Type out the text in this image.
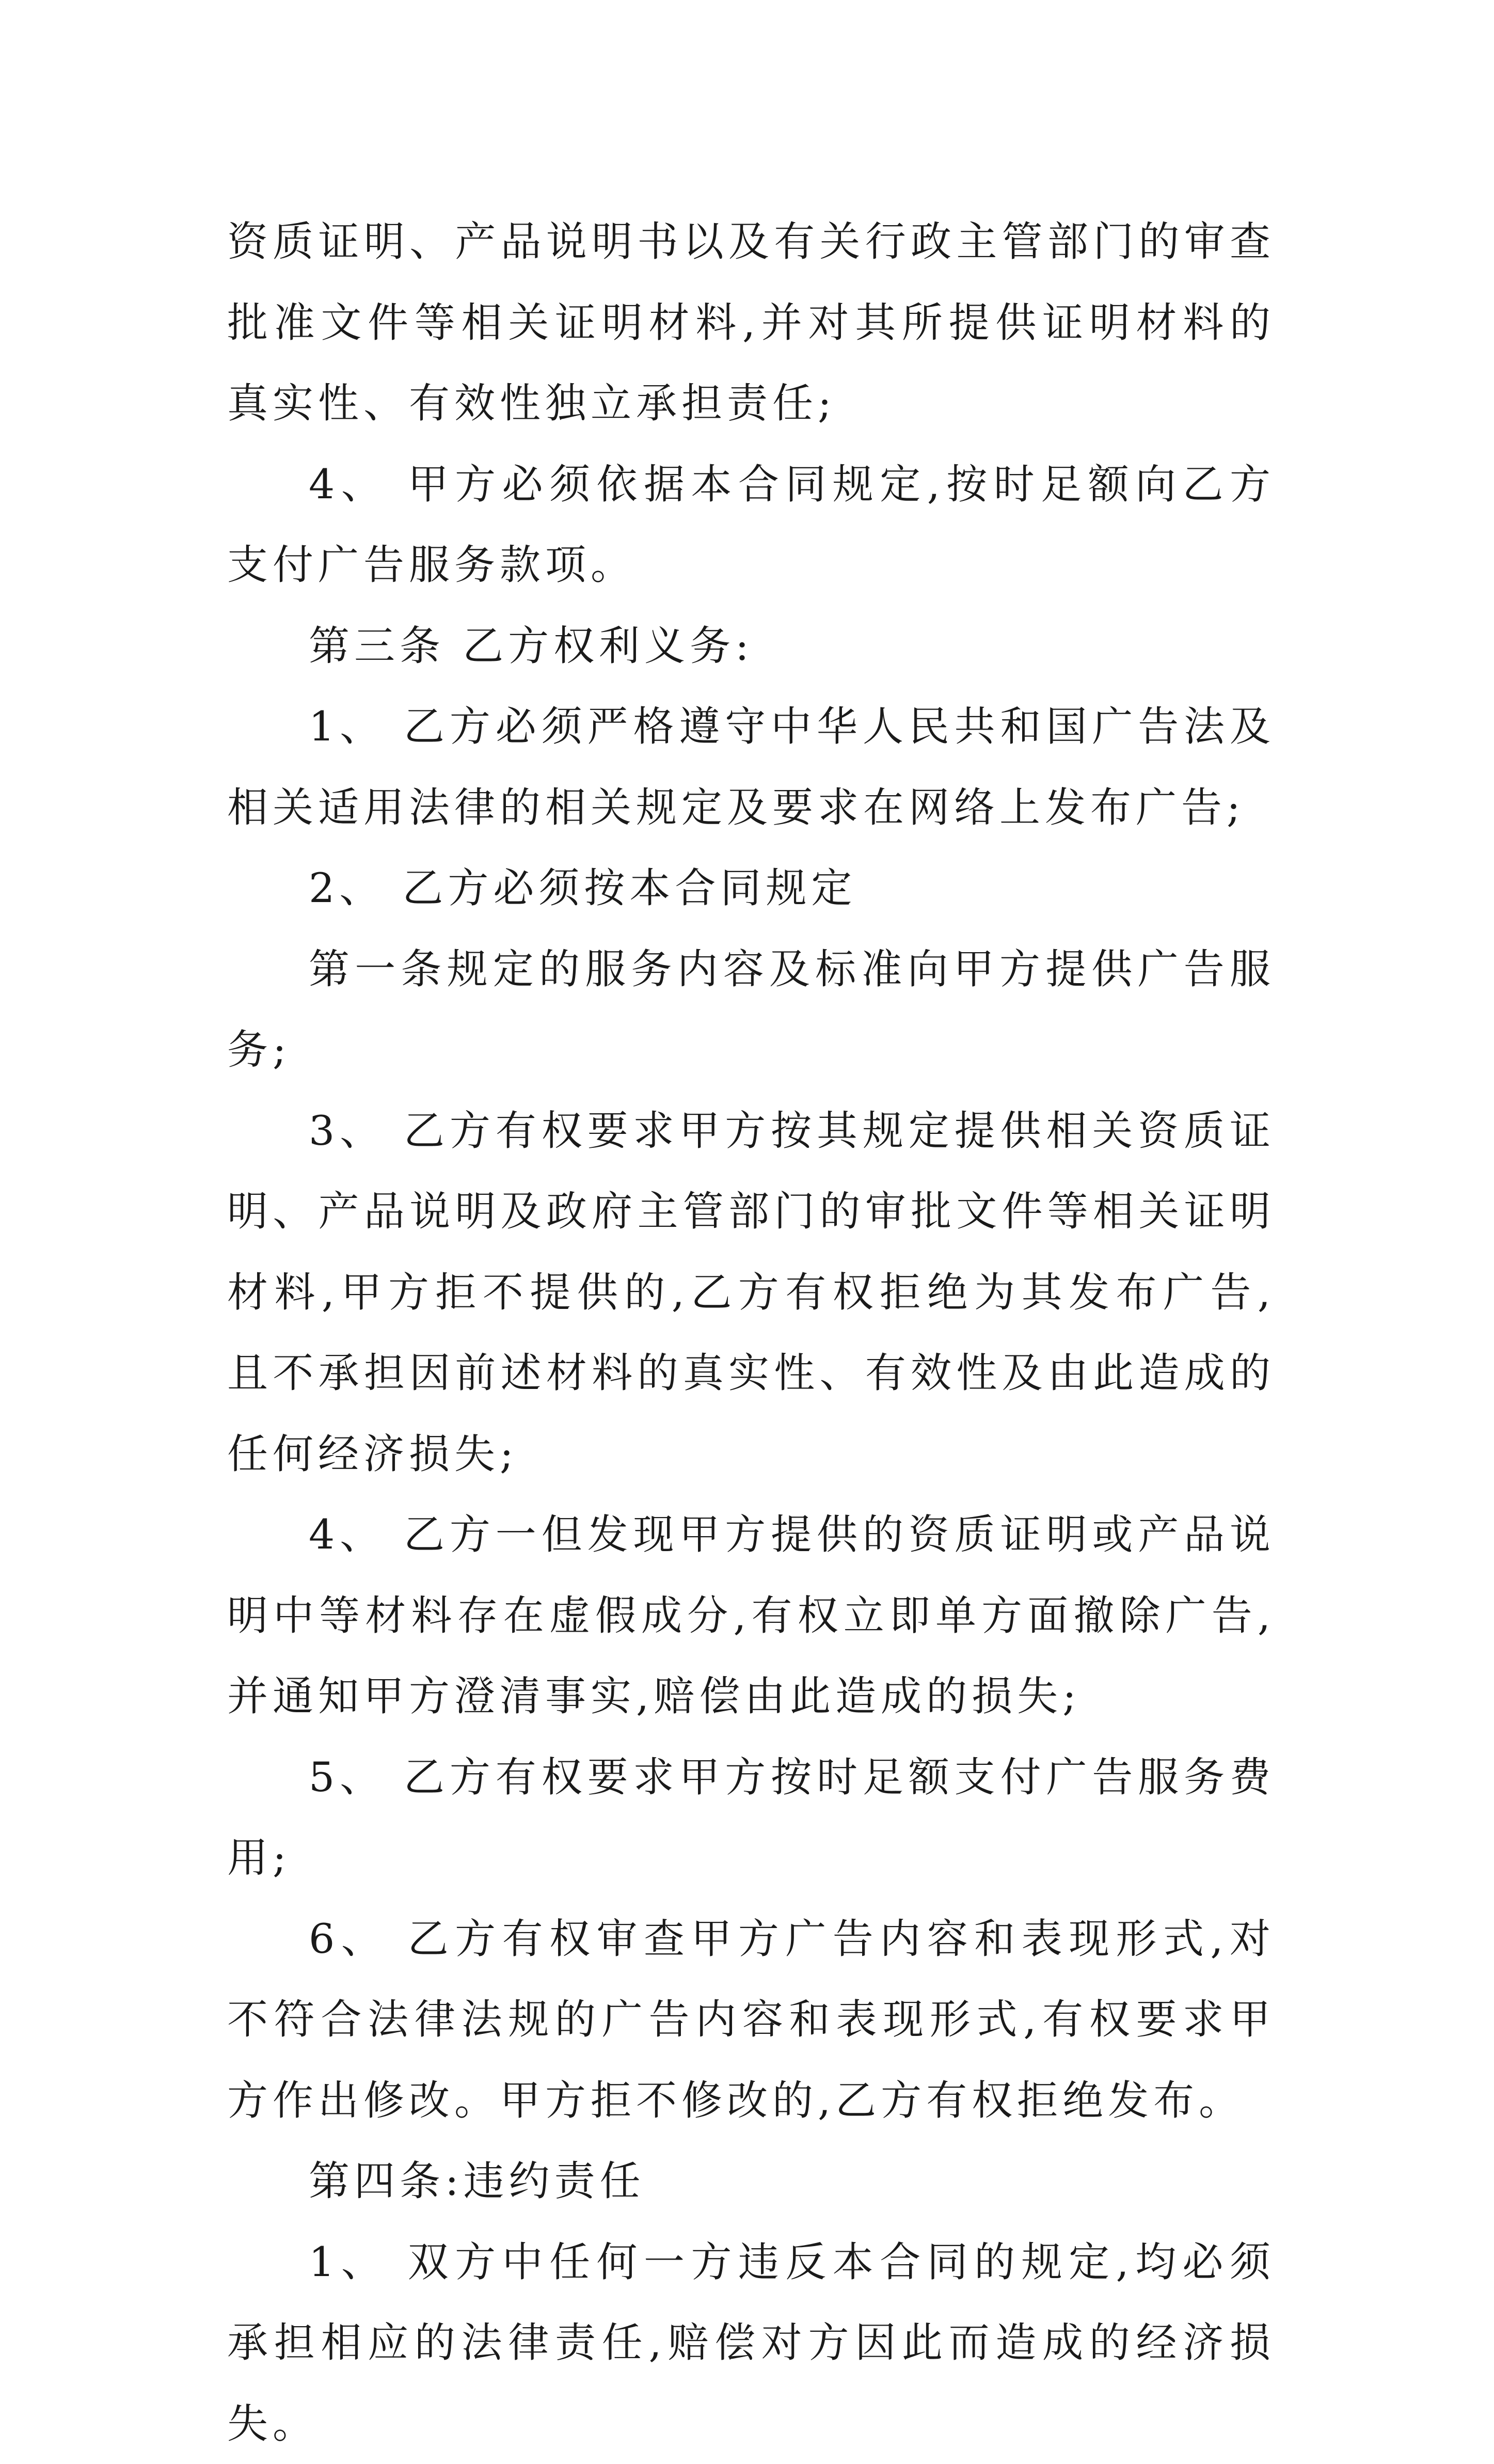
资质证明、产品说明书以及有关行政主管部门的审查批准文件等相关证明材料,并对其所提供证明材料的真实性、有效性独立承担责任;

4、 甲方必须依据本合同规定,按时足额向乙方支付广告服务款项。

第三条 乙方权利义务:

1、 乙方必须严格遵守中华人民共和国广告法及相关适用法律的相关规定及要求在网络上发布广告;

2、 乙方必须按本合同规定

第一条规定的服务内容及标准向甲方提供广告服务;

3、 乙方有权要求甲方按其规定提供相关资质证明、产品说明及政府主管部门的审批文件等相关证明材料,甲方拒不提供的,乙方有权拒绝为其发布广告,且不承担因前述材料的真实性、有效性及由此造成的任何经济损失;

4、 乙方一但发现甲方提供的资质证明或产品说明中等材料存在虚假成分,有权立即单方面撤除广告,并通知甲方澄清事实,赔偿由此造成的损失;

5、 乙方有权要求甲方按时足额支付广告服务费用;

6、 乙方有权审查甲方广告内容和表现形式,对不符合法律法规的广告内容和表现形式,有权要求甲方作出修改。甲方拒不修改的,乙方有权拒绝发布。

第四条:违约责任

1、 双方中任何一方违反本合同的规定,均必须承担相应的法律责任,赔偿对方因此而造成的经济损失。
